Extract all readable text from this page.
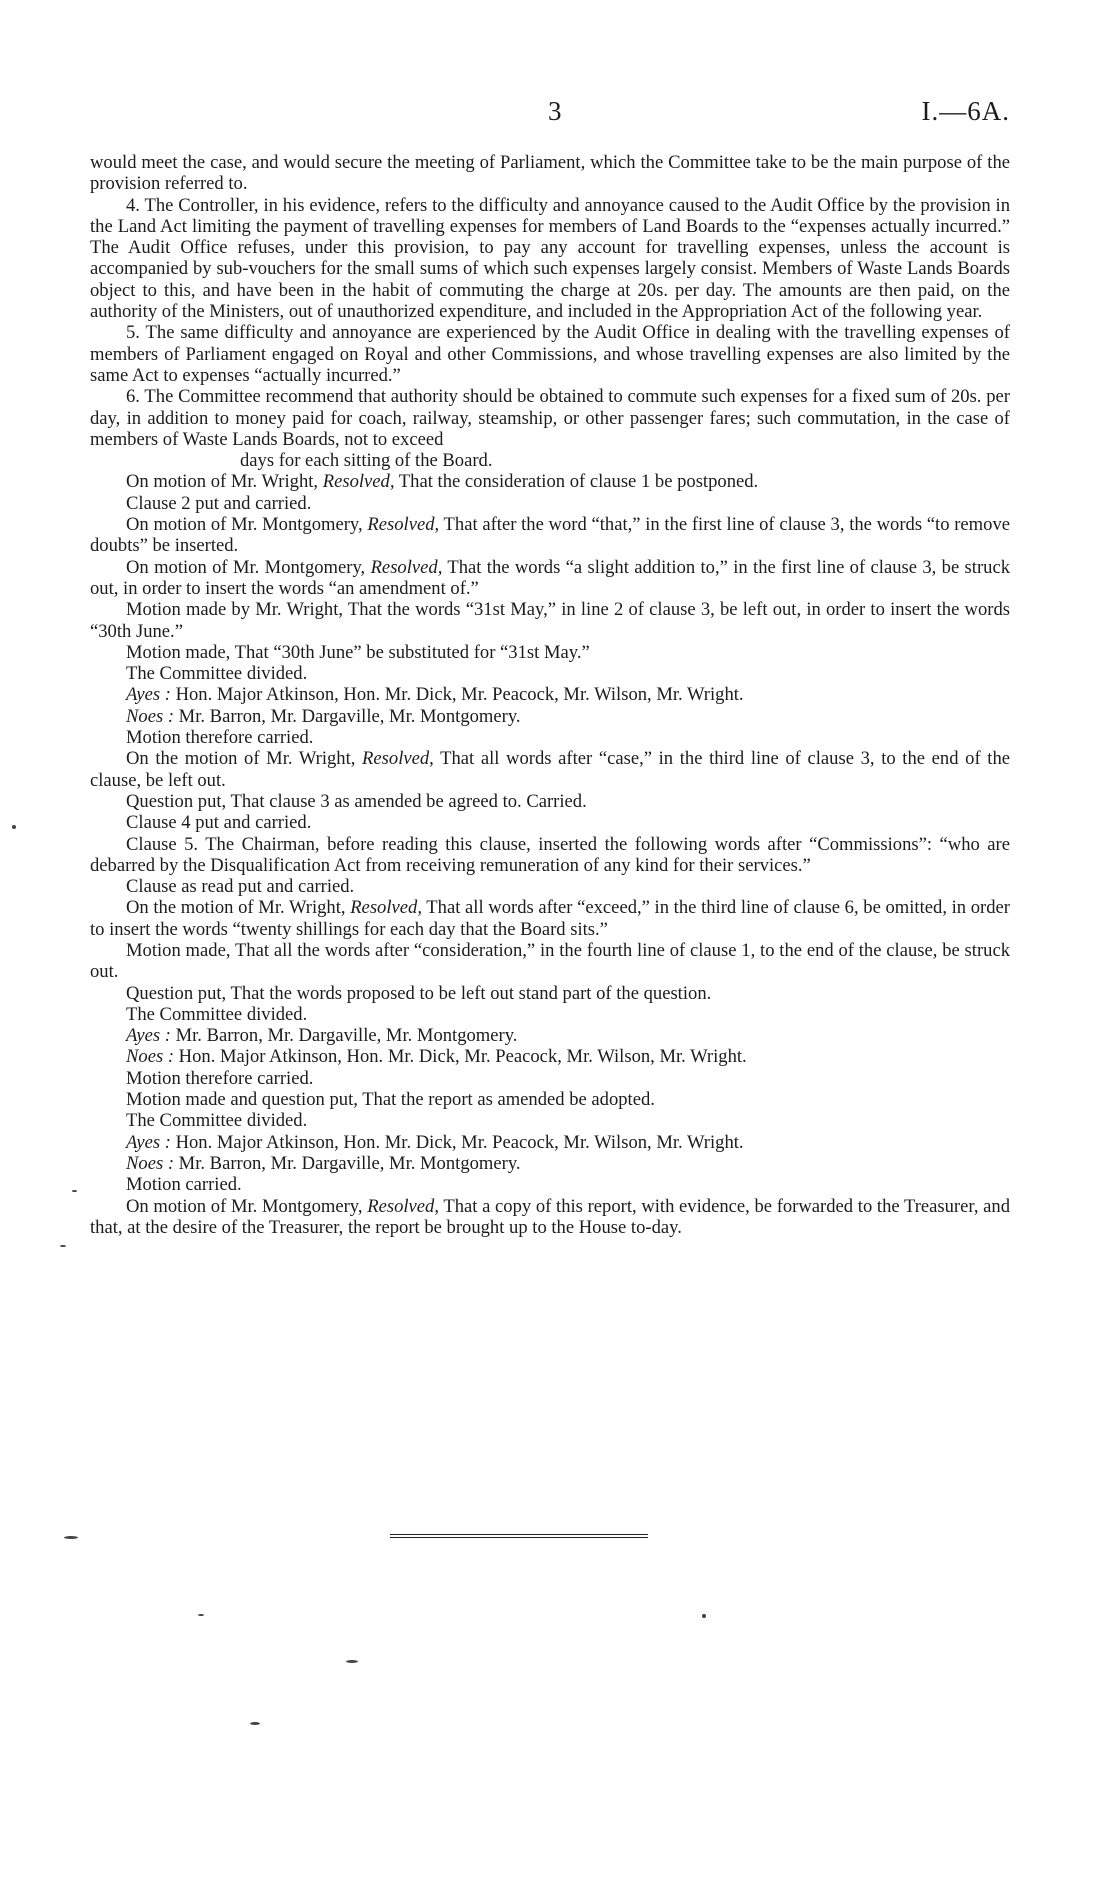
3	I.—6A.

would meet the case, and would secure the meeting of Parliament, which the Committee take to be the main purpose of the provision referred to.

4. The Controller, in his evidence, refers to the difficulty and annoyance caused to the Audit Office by the provision in the Land Act limiting the payment of travelling expenses for members of Land Boards to the “expenses actually incurred.” The Audit Office refuses, under this provision, to pay any account for travelling expenses, unless the account is accompanied by sub-vouchers for the small sums of which such expenses largely consist. Members of Waste Lands Boards object to this, and have been in the habit of commuting the charge at 20s. per day. The amounts are then paid, on the authority of the Ministers, out of unauthorized expenditure, and included in the Appropriation Act of the following year.

5. The same difficulty and annoyance are experienced by the Audit Office in dealing with the travelling expenses of members of Parliament engaged on Royal and other Commissions, and whose travelling expenses are also limited by the same Act to expenses “actually incurred.”

6. The Committee recommend that authority should be obtained to commute such expenses for a fixed sum of 20s. per day, in addition to money paid for coach, railway, steamship, or other passenger fares; such commutation, in the case of members of Waste Lands Boards, not to exceed

days for each sitting of the Board.

On motion of Mr. Wright, Resolved, That the consideration of clause 1 be postponed.

Clause 2 put and carried.

On motion of Mr. Montgomery, Resolved, That after the word “that,” in the first line of clause 3, the words “to remove doubts” be inserted.

On motion of Mr. Montgomery, Resolved, That the words “a slight addition to,” in the first line of clause 3, be struck out, in order to insert the words “an amendment of.”

Motion made by Mr. Wright, That the words “31st May,” in line 2 of clause 3, be left out, in order to insert the words “30th June.”

Motion made, That “30th June” be substituted for “31st May.”

The Committee divided.

Ayes : Hon. Major Atkinson, Hon. Mr. Dick, Mr. Peacock, Mr. Wilson, Mr. Wright.

Noes : Mr. Barron, Mr. Dargaville, Mr. Montgomery.

Motion therefore carried.

On the motion of Mr. Wright, Resolved, That all words after “case,” in the third line of clause 3, to the end of the clause, be left out.

Question put, That clause 3 as amended be agreed to. Carried.

Clause 4 put and carried.

Clause 5. The Chairman, before reading this clause, inserted the following words after “Commissions”: “who are debarred by the Disqualification Act from receiving remuneration of any kind for their services.”

Clause as read put and carried.

On the motion of Mr. Wright, Resolved, That all words after “exceed,” in the third line of clause 6, be omitted, in order to insert the words “twenty shillings for each day that the Board sits.”

Motion made, That all the words after “consideration,” in the fourth line of clause 1, to the end of the clause, be struck out.

Question put, That the words proposed to be left out stand part of the question.

The Committee divided.

Ayes : Mr. Barron, Mr. Dargaville, Mr. Montgomery.

Noes : Hon. Major Atkinson, Hon. Mr. Dick, Mr. Peacock, Mr. Wilson, Mr. Wright.

Motion therefore carried.

Motion made and question put, That the report as amended be adopted.

The Committee divided.

Ayes : Hon. Major Atkinson, Hon. Mr. Dick, Mr. Peacock, Mr. Wilson, Mr. Wright.

Noes : Mr. Barron, Mr. Dargaville, Mr. Montgomery.

Motion carried.

On motion of Mr. Montgomery, Resolved, That a copy of this report, with evidence, be forwarded to the Treasurer, and that, at the desire of the Treasurer, the report be brought up to the House to-day.
